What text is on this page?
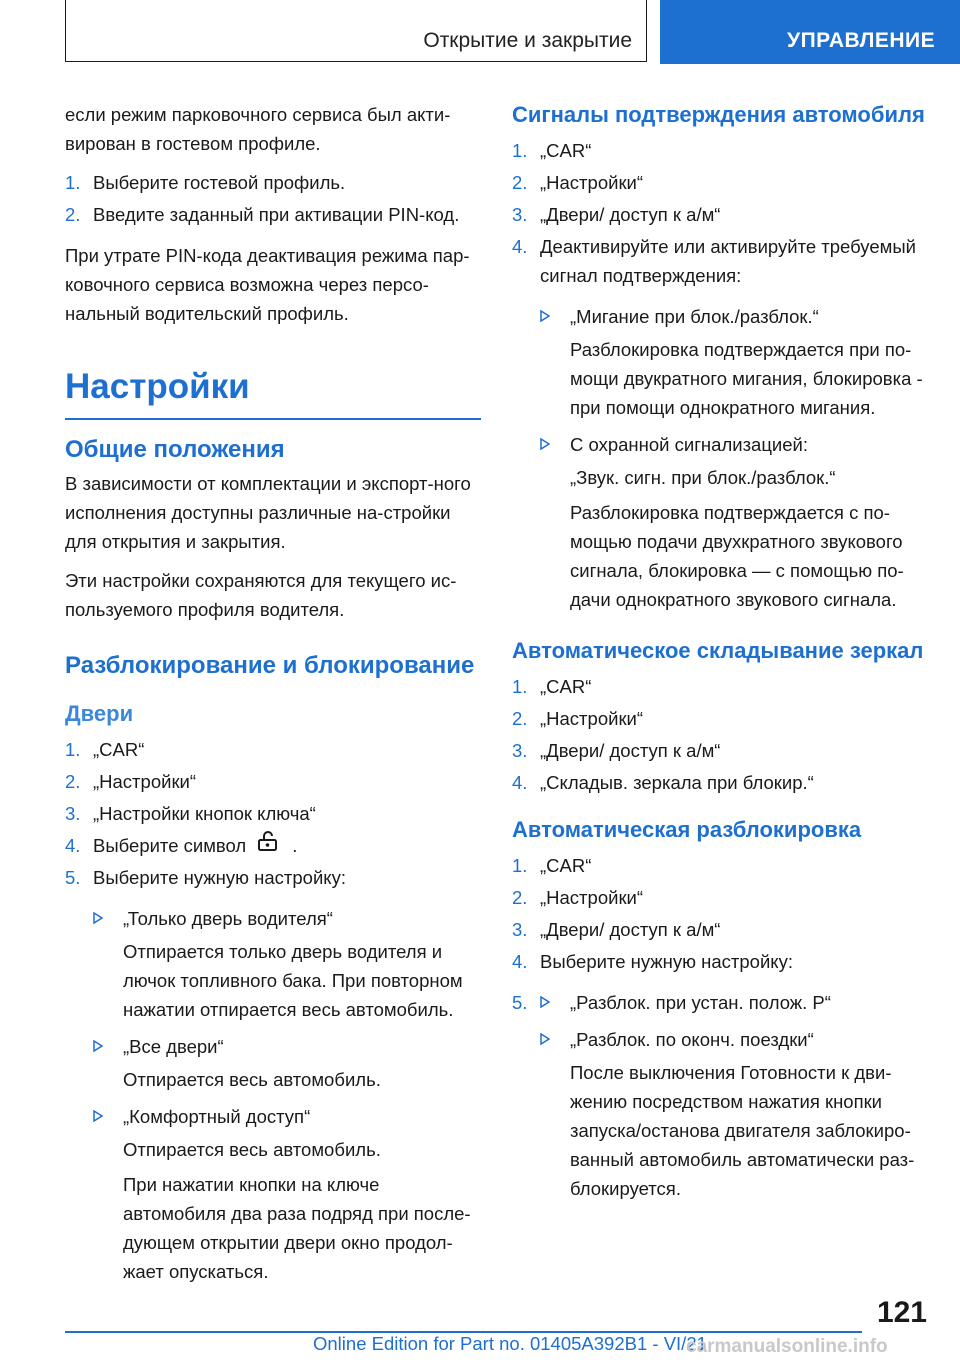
Открытие и закрытие	УПРАВЛЕНИЕ

если режим парковочного сервиса был акти-вирован в гостевом профиле.

1. Выберите гостевой профиль.
2. Введите заданный при активации PIN-код.

При утрате PIN-кода деактивация режима пар-ковочного сервиса возможна через персо-нальный водительский профиль.

Настройки
Общие положения

В зависимости от комплектации и экспорт-ного исполнения доступны различные на-стройки для открытия и закрытия.

Эти настройки сохраняются для текущего ис-пользуемого профиля водителя.

Разблокирование и блокирование
Двери
1. „CAR“
2. „Настройки“
3. „Настройки кнопок ключа“
4. Выберите символ .
5. Выберите нужную настройку:
„Только дверь водителя“
Отпирается только дверь водителя и лючок топливного бака. При повторном нажатии отпирается весь автомобиль.
„Все двери“
Отпирается весь автомобиль.
„Комфортный доступ“
Отпирается весь автомобиль.
При нажатии кнопки на ключе автомобиля два раза подряд при после-дующем открытии двери окно продол-жает опускаться.
Сигналы подтверждения автомобиля
1. „CAR“
2. „Настройки“
3. „Двери/ доступ к а/м“
4. Деактивируйте или активируйте требуемый сигнал подтверждения:
„Мигание при блок./разблок.“
Разблокировка подтверждается при по-мощи двукратного мигания, блокировка - при помощи однократного мигания.
С охранной сигнализацией:
„Звук. сигн. при блок./разблок.“
Разблокировка подтверждается с по-мощью подачи двухкратного звукового сигнала, блокировка — с помощью по-дачи однократного звукового сигнала.
Автоматическое складывание зеркал
1. „CAR“
2. „Настройки“
3. „Двери/ доступ к а/м“
4. „Складыв. зеркала при блокир.“
Автоматическая разблокировка
1. „CAR“
2. „Настройки“
3. „Двери/ доступ к а/м“
4. Выберите нужную настройку:
5. „Разблок. при устан. полож. P“
„Разблок. по оконч. поездки“
После выключения Готовности к дви-жению посредством нажатия кнопки запуска/останова двигателя заблокиро-ванный автомобиль автоматически раз-блокируется.
121
Online Edition for Part no. 01405A392B1 - VI/21
carmanualsonline.info
